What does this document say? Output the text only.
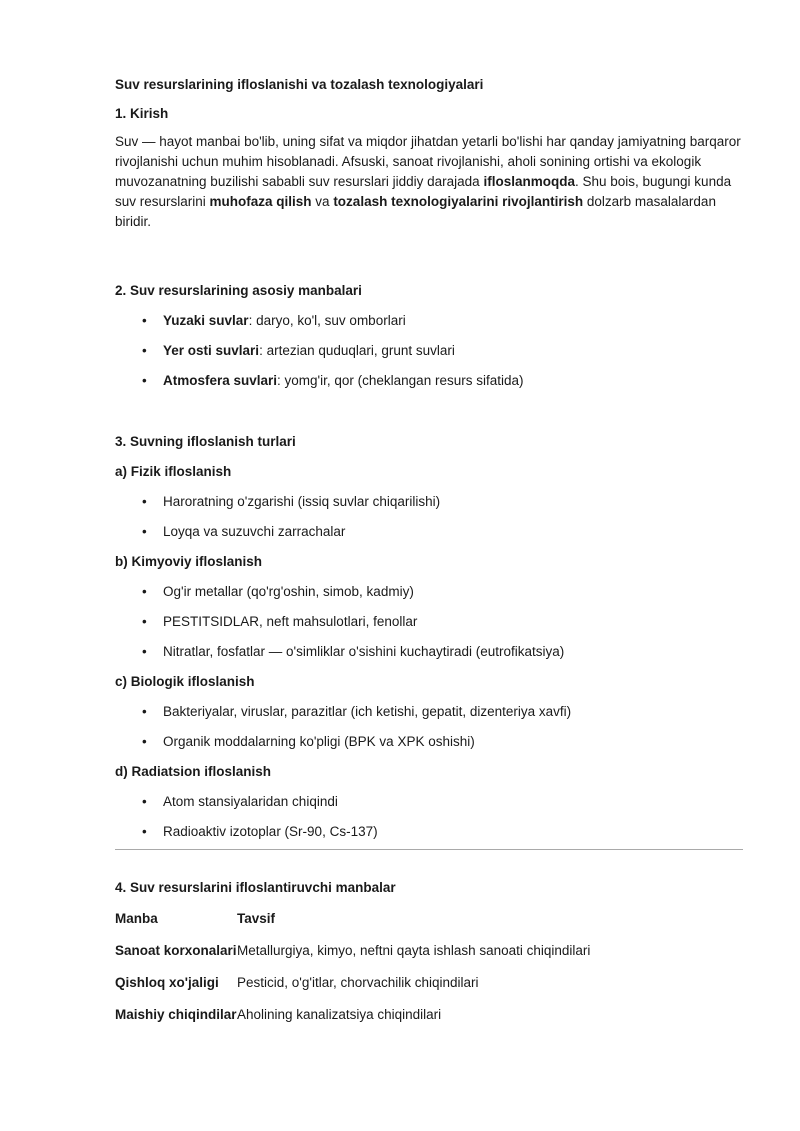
Suv resurslarining ifloslanishi va tozalash texnologiyalari

1. Kirish

Suv — hayot manbai bo'lib, uning sifat va miqdor jihatdan yetarli bo'lishi har qanday jamiyatning barqaror rivojlanishi uchun muhim hisoblanadi. Afsuski, sanoat rivojlanishi, aholi sonining ortishi va ekologik muvozanatning buzilishi sababli suv resurslari jiddiy darajada ifloslanmoqda. Shu bois, bugungi kunda suv resurslarini muhofaza qilish va tozalash texnologiyalarini rivojlantirish dolzarb masalalardan biridir.

2. Suv resurslarining asosiy manbalari

• Yuzaki suvlar: daryo, ko'l, suv omborlari
• Yer osti suvlari: artezian quduqlari, grunt suvlari
• Atmosfera suvlari: yomg'ir, qor (cheklangan resurs sifatida)

3. Suvning ifloslanish turlari

a) Fizik ifloslanish

• Haroratning o'zgarishi (issiq suvlar chiqarilishi)
• Loyqa va suzuvchi zarrachalar

b) Kimyoviy ifloslanish

• Og'ir metallar (qo'rg'oshin, simob, kadmiy)
• PESTITSIDLAR, neft mahsulotlari, fenollar
• Nitratlar, fosfatlar — o'simliklar o'sishini kuchaytiradi (eutrofikatsiya)

c) Biologik ifloslanish

• Bakteriyalar, viruslar, parazitlar (ich ketishi, gepatit, dizenteriya xavfi)
• Organik moddalarning ko'pligi (BPK va XPK oshishi)

d) Radiatsion ifloslanish

• Atom stansiyalaridan chiqindi
• Radioaktiv izotoplar (Sr-90, Cs-137)

4. Suv resurslarini ifloslantiruvchi manbalar

Manba	Tavsif
Sanoat korxonalari	Metallurgiya, kimyo, neftni qayta ishlash sanoati chiqindilari
Qishloq xo'jaligi	Pesticid, o'g'itlar, chorvachilik chiqindilari
Maishiy chiqindilar	Aholining kanalizatsiya chiqindilari
